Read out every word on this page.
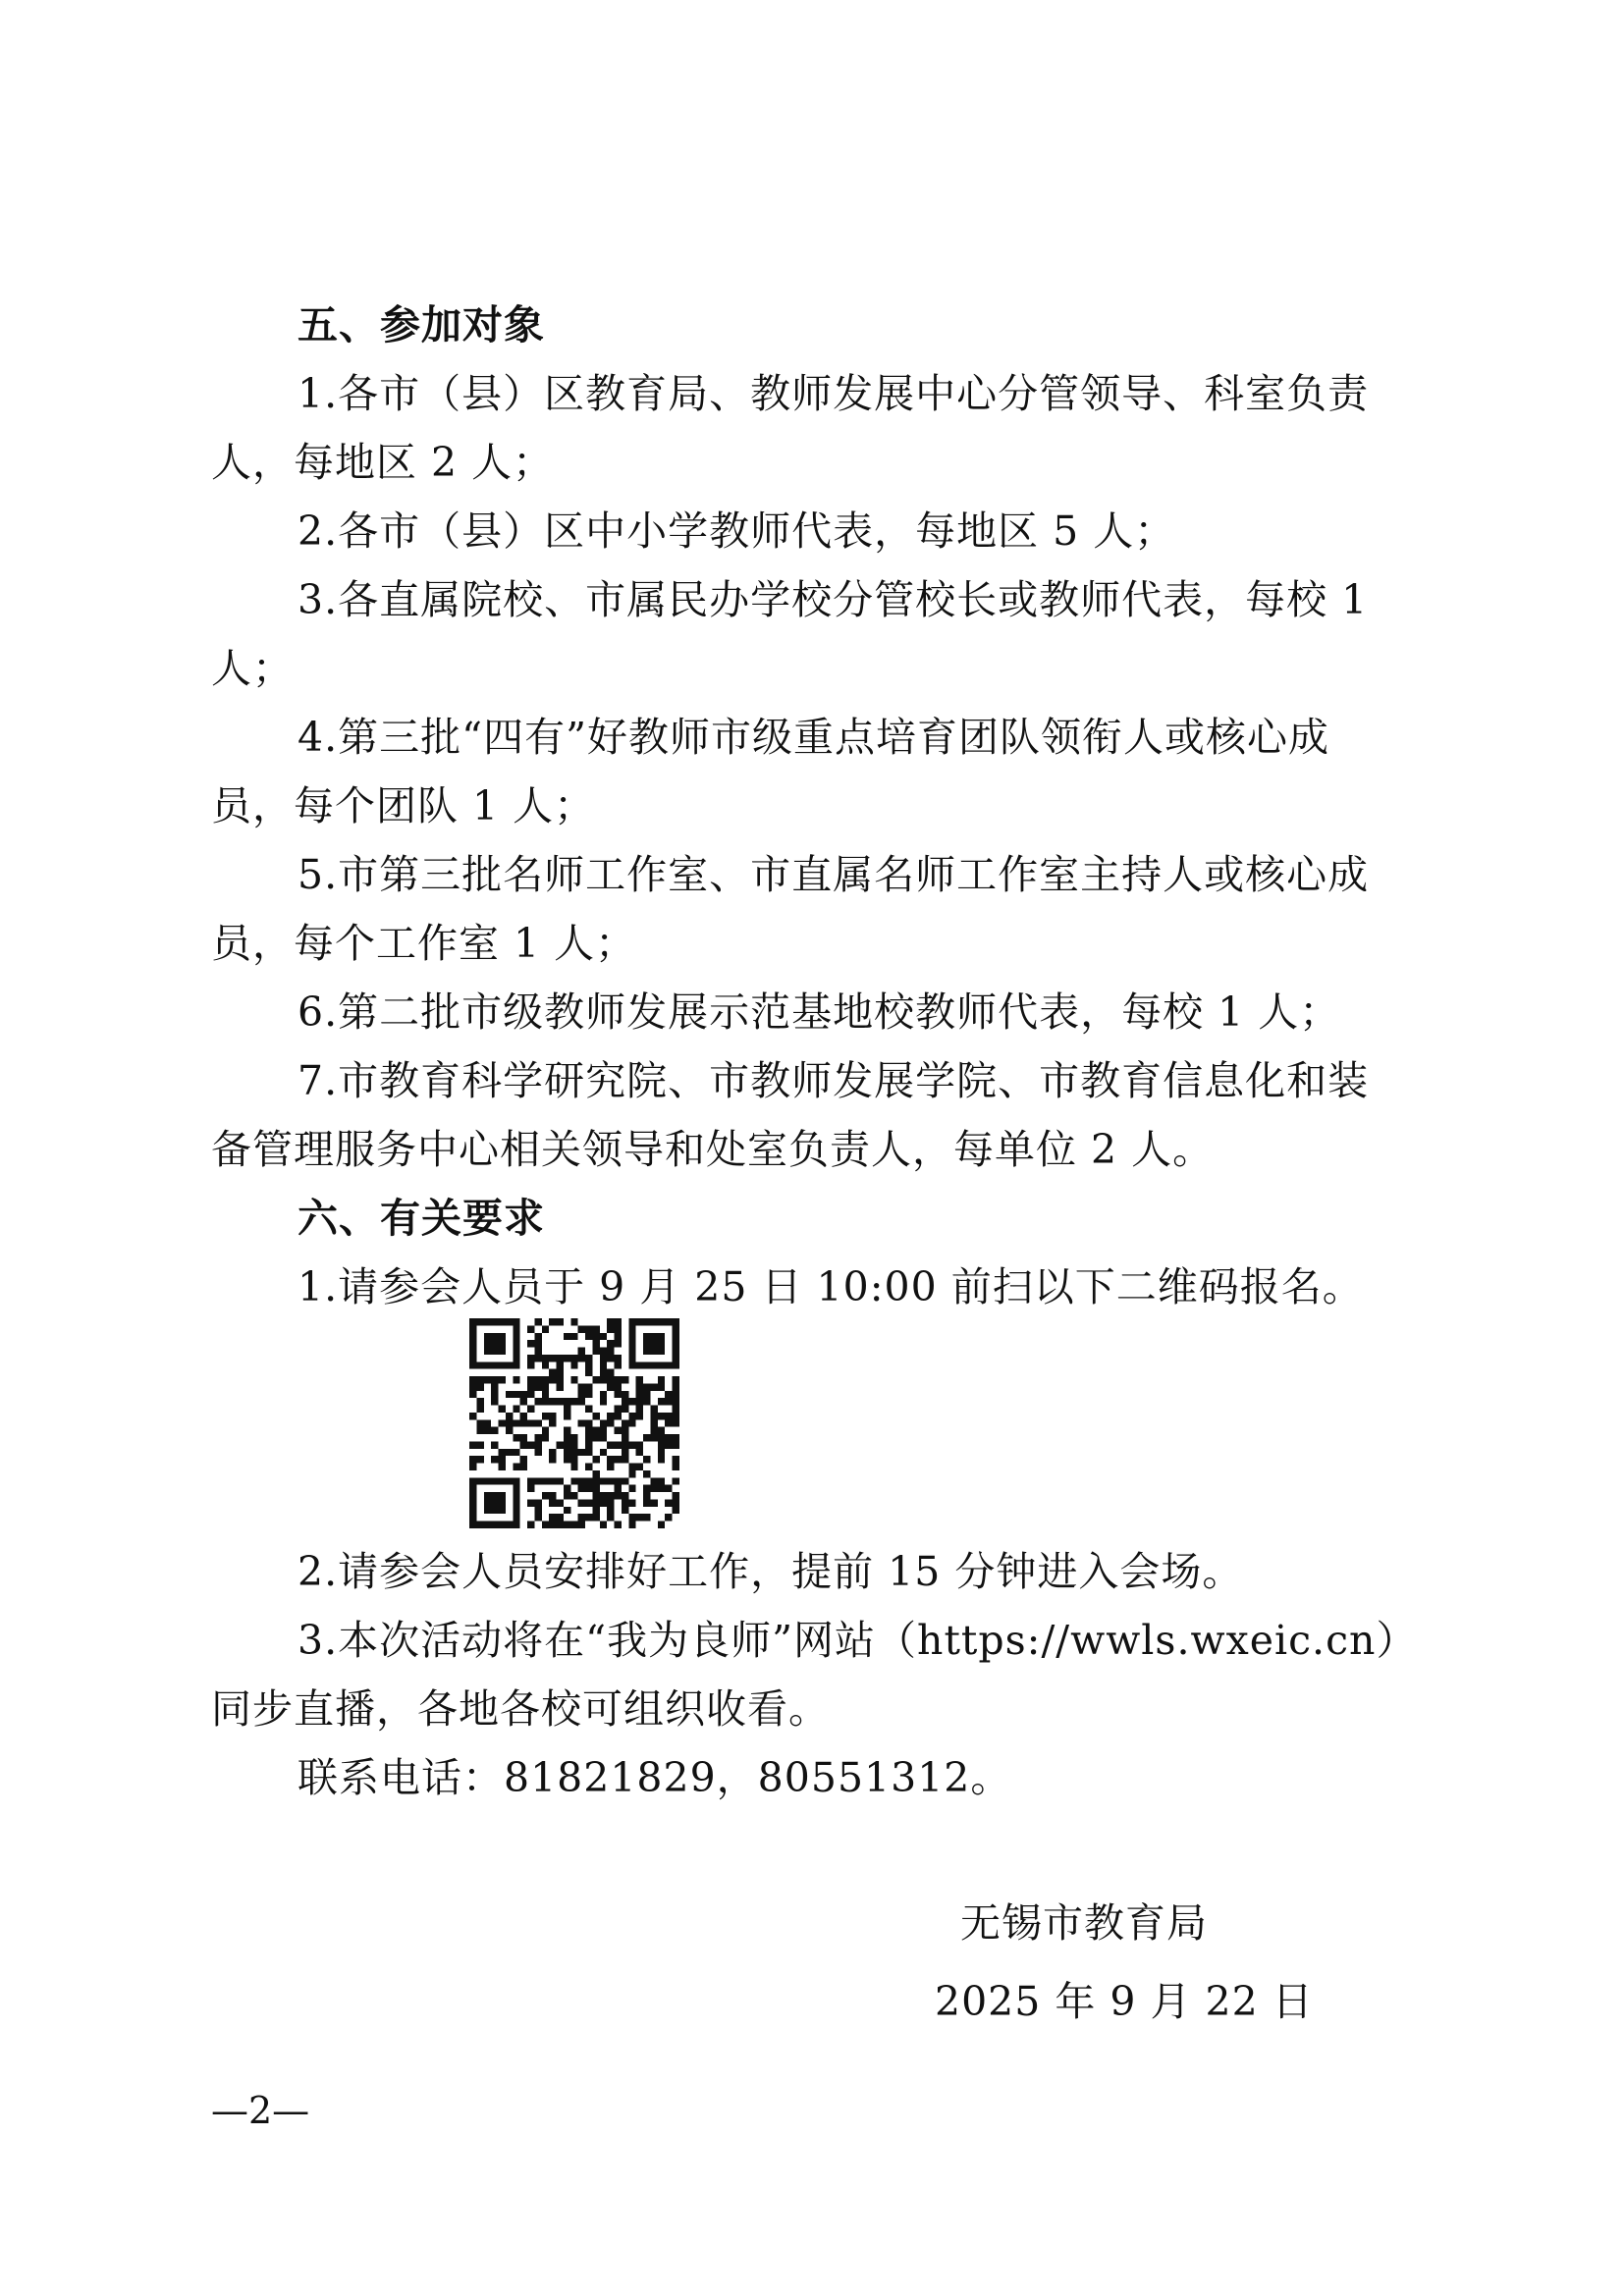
五、参加对象
1.各市（县）区教育局、教师发展中心分管领导、科室负责
人，每地区 2 人；
2.各市（县）区中小学教师代表，每地区 5 人；
3.各直属院校、市属民办学校分管校长或教师代表，每校 1
人；
4.第三批“四有”好教师市级重点培育团队领衔人或核心成
员，每个团队 1 人；
5.市第三批名师工作室、市直属名师工作室主持人或核心成
员，每个工作室 1 人；
6.第二批市级教师发展示范基地校教师代表，每校 1 人；
7.市教育科学研究院、市教师发展学院、市教育信息化和装
备管理服务中心相关领导和处室负责人，每单位 2 人。
六、有关要求
1.请参会人员于 9 月 25 日 10:00 前扫以下二维码报名。
2.请参会人员安排好工作，提前 15 分钟进入会场。
3.本次活动将在“我为良师”网站（https://wwls.wxeic.cn）
同步直播，各地各校可组织收看。
联系电话：81821829，80551312。
无锡市教育局
2025 年 9 月 22 日
—2—
